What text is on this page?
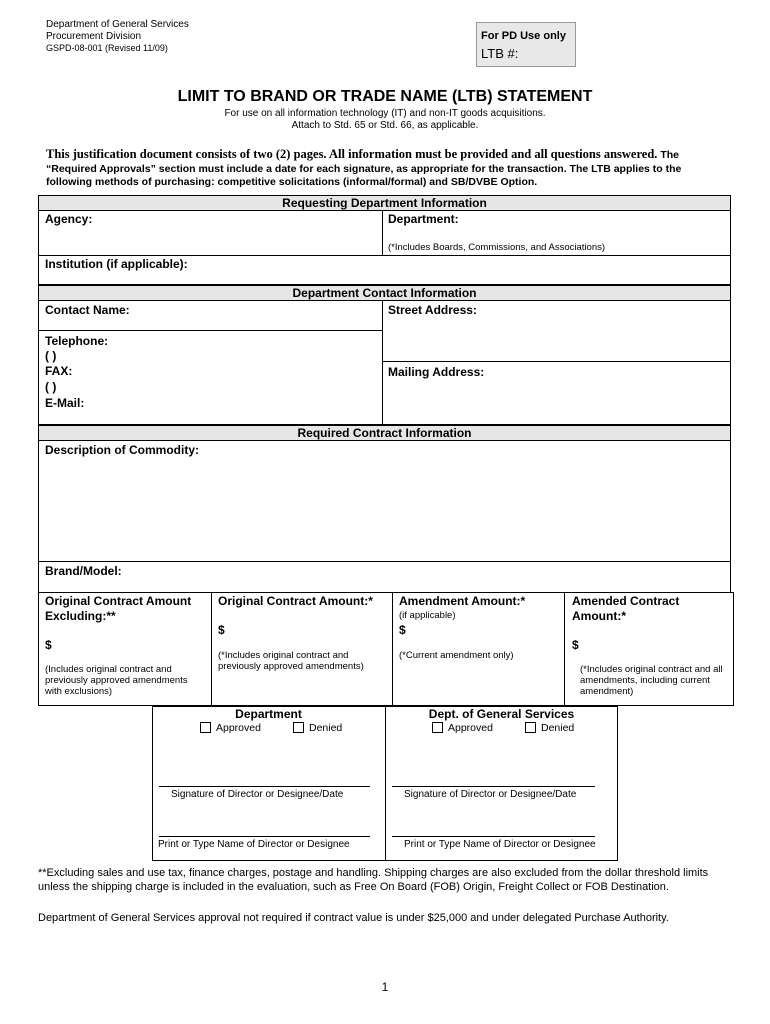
Department of General Services
Procurement Division
GSPD-08-001 (Revised 11/09)
For PD Use only
LTB #:
LIMIT TO BRAND OR TRADE NAME (LTB) STATEMENT
For use on all information technology (IT) and non-IT goods acquisitions.
Attach to Std. 65 or Std. 66, as applicable.
This justification document consists of two (2) pages. All information must be provided and all questions answered. The “Required Approvals” section must include a date for each signature, as appropriate for the transaction. The LTB applies to the following methods of purchasing: competitive solicitations (informal/formal) and SB/DVBE Option.
Requesting Department Information
Agency:	Department:
(*Includes Boards, Commissions, and Associations)
Institution (if applicable):
Department Contact Information
Contact Name:	Street Address:
Telephone:
( )
FAX:
( )
E-Mail:
Mailing Address:
Required Contract Information
Description of Commodity:
Brand/Model:
Original Contract Amount Excluding:**
$
(Includes original contract and previously approved amendments with exclusions)
Original Contract Amount:*
$
(*Includes original contract and previously approved amendments)
Amendment Amount:*
(if applicable)
$
(*Current amendment only)
Amended Contract Amount:*
$
(*Includes original contract and all amendments, including current amendment)
Department
Approved	Denied
Signature of Director or Designee/Date
Print or Type Name of Director or Designee
Dept. of General Services
Approved	Denied
Signature of Director or Designee/Date
Print or Type Name of Director or Designee
**Excluding sales and use tax, finance charges, postage and handling. Shipping charges are also excluded from the dollar threshold limits unless the shipping charge is included in the evaluation, such as Free On Board (FOB) Origin, Freight Collect or FOB Destination.
Department of General Services approval not required if contract value is under $25,000 and under delegated Purchase Authority.
1
